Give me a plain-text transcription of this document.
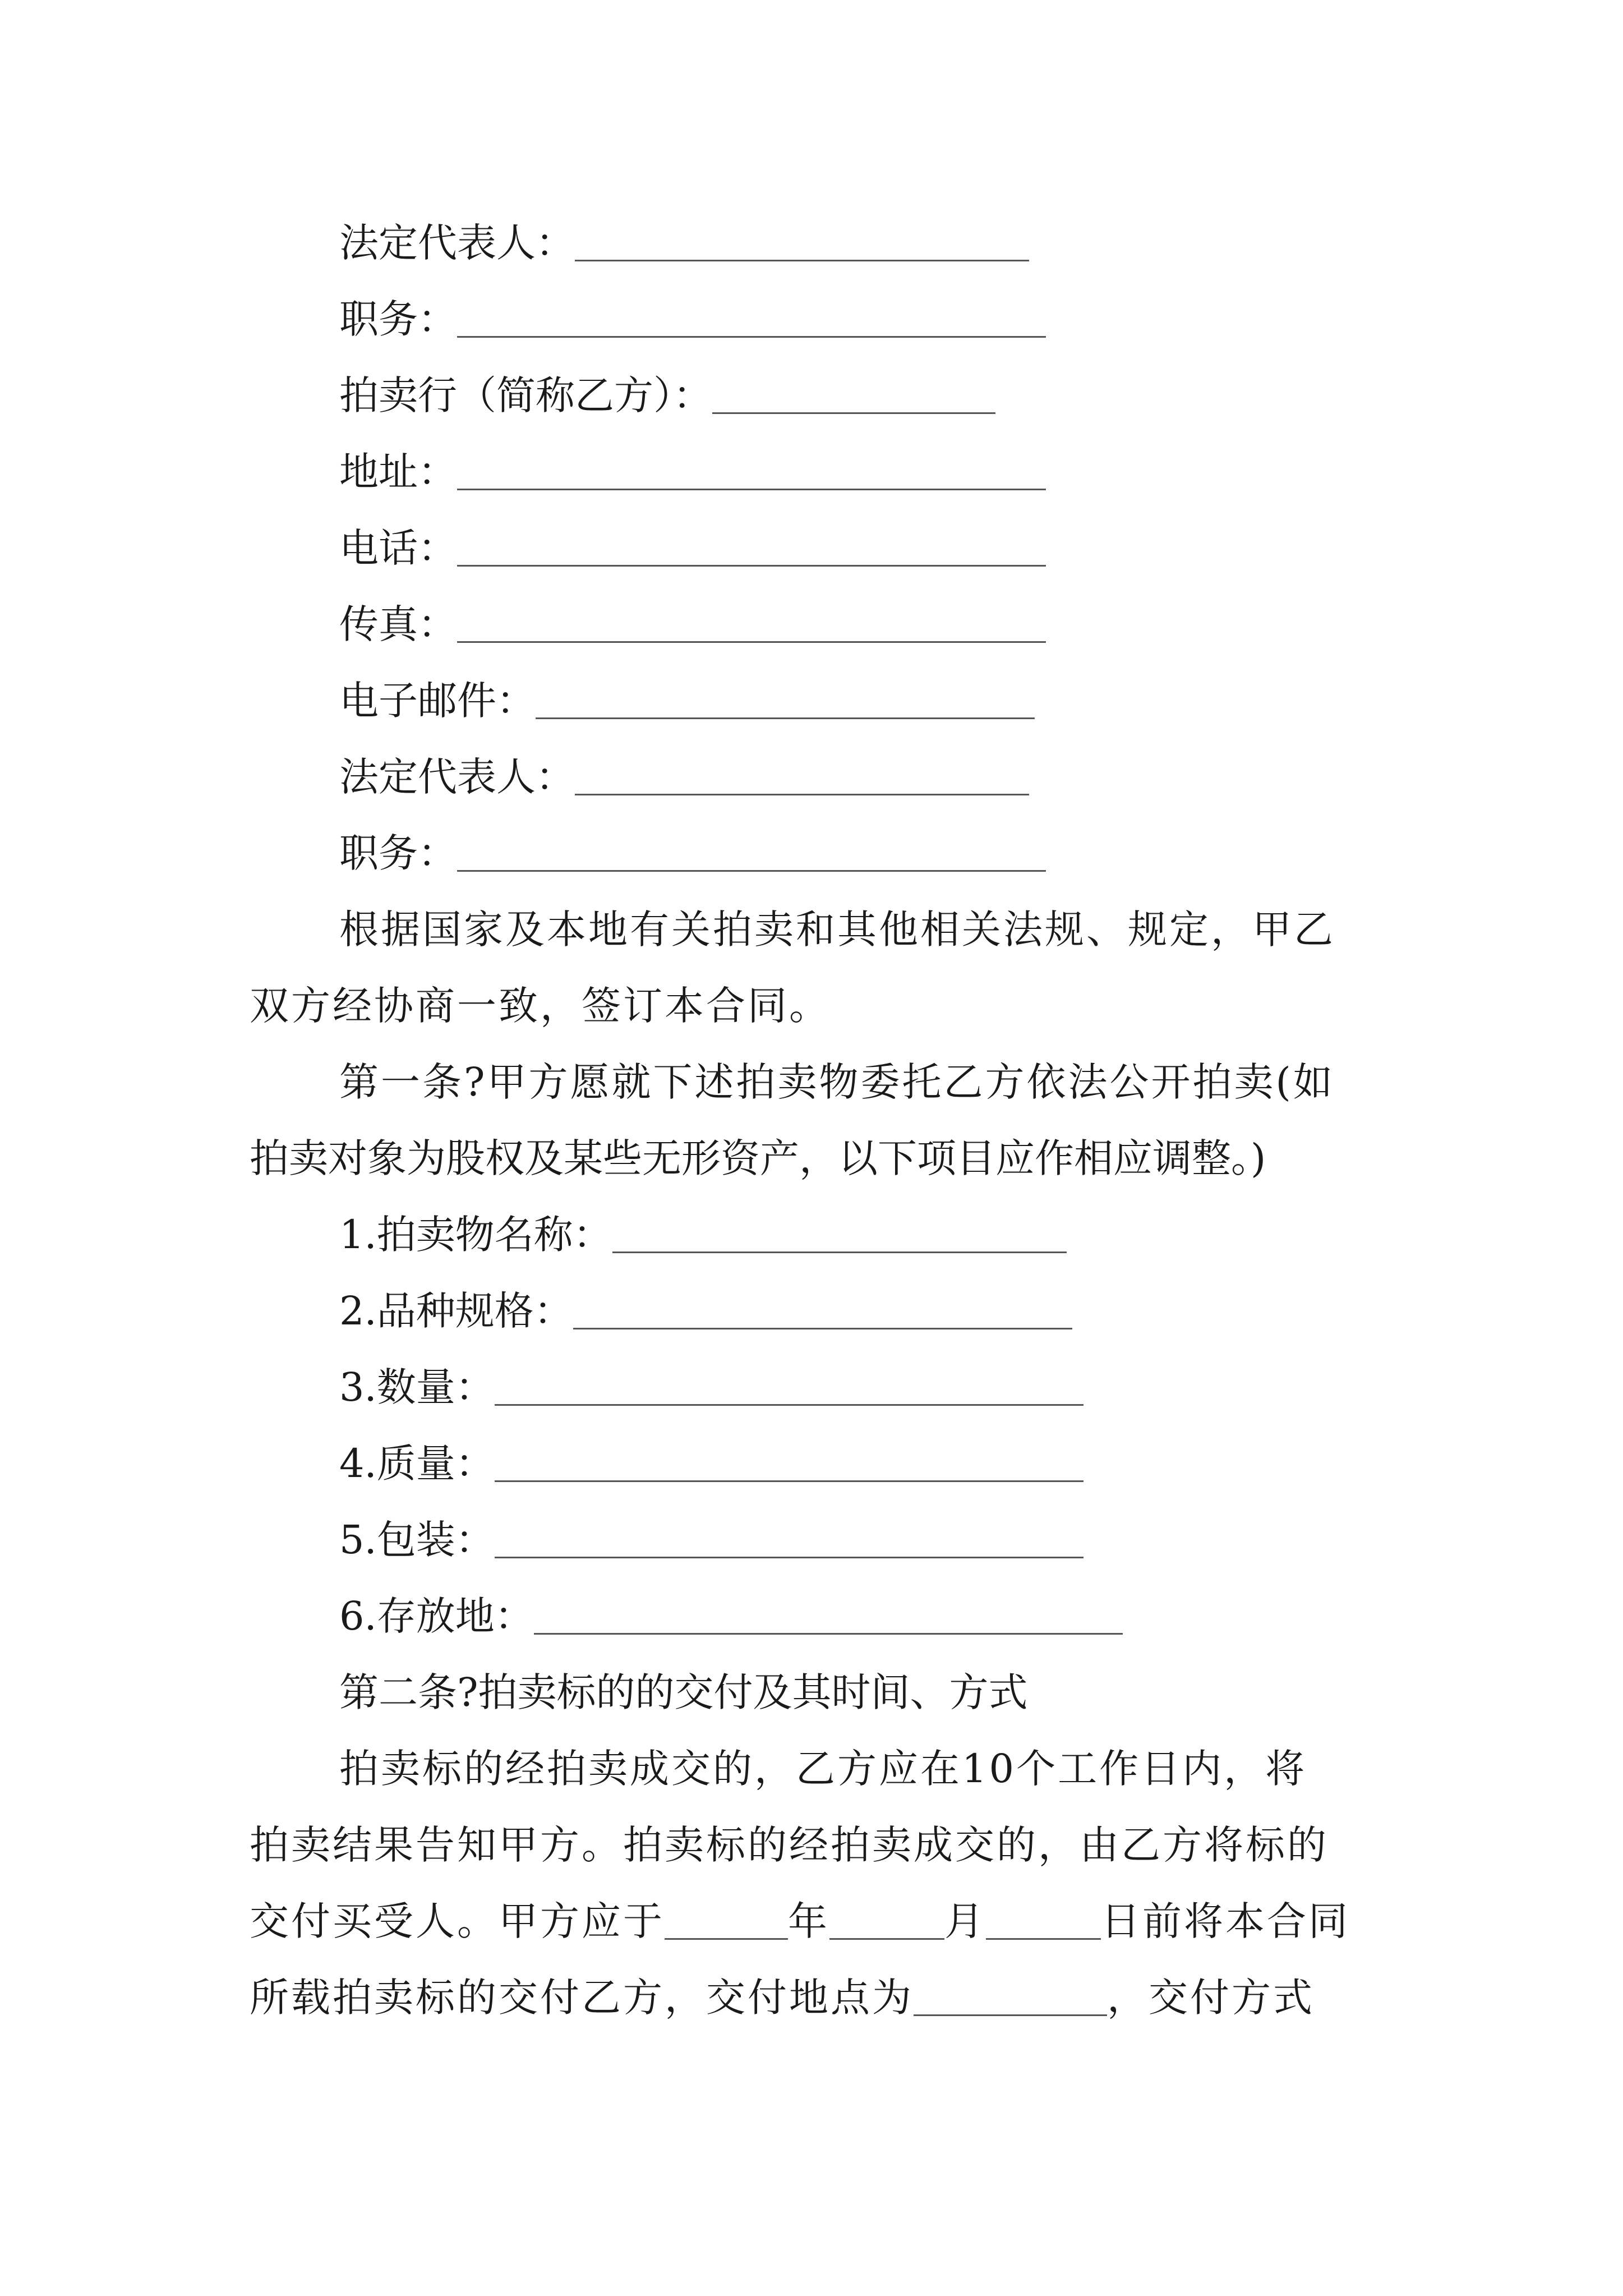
法定代表人：
职务：
拍卖行（简称乙方）：
地址：
电话：
传真：
电子邮件：
法定代表人：
职务：
根据国家及本地有关拍卖和其他相关法规、规定，甲乙
双方经协商一致，签订本合同。
第一条?甲方愿就下述拍卖物委托乙方依法公开拍卖(如
拍卖对象为股权及某些无形资产，以下项目应作相应调整。)
1.拍卖物名称：
2.品种规格：
3.数量：
4.质量：
5.包装：
6.存放地：
第二条?拍卖标的的交付及其时间、方式
拍卖标的经拍卖成交的，乙方应在10个工作日内，将
拍卖结果告知甲方。拍卖标的经拍卖成交的，由乙方将标的
交付买受人。甲方应于	年	月	日前将本合同
所载拍卖标的交付乙方，交付地点为	，交付方式
